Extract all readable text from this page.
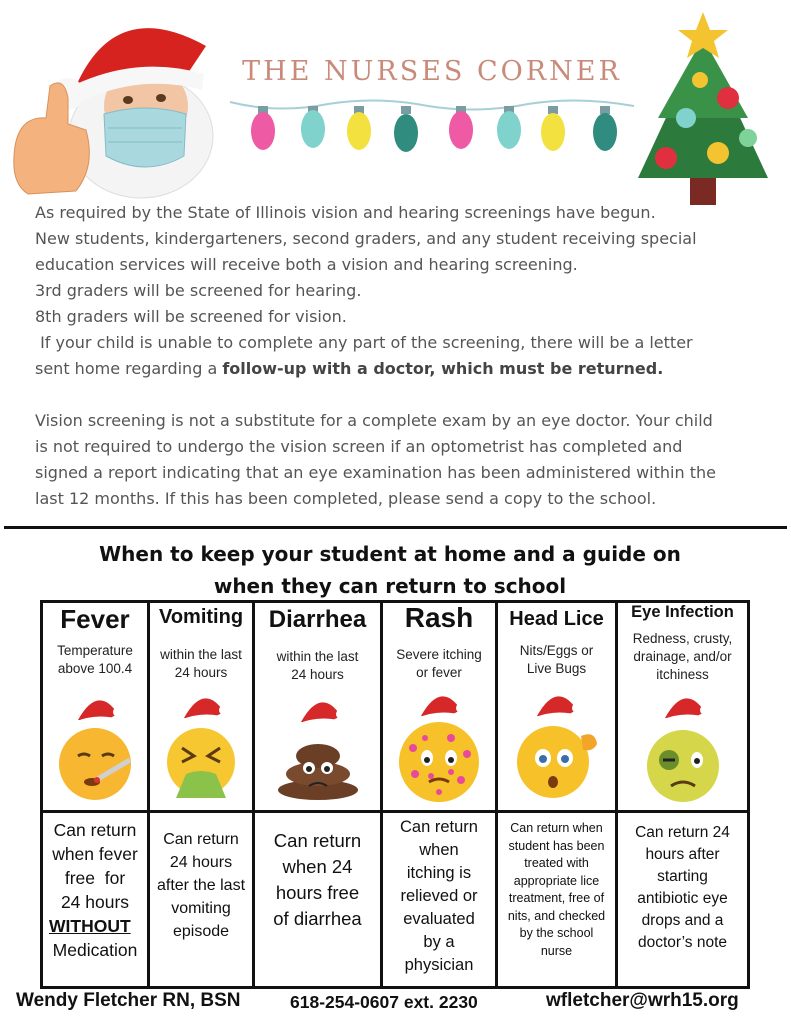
THE NURSES CORNER

As required by the State of Illinois vision and hearing screenings have begun.

New students, kindergarteners, second graders, and any student receiving special

education services will receive both a vision and hearing screening.

3rd graders will be screened for hearing.

8th graders will be screened for vision.

If your child is unable to complete any part of the screening, there will be a letter

sent home regarding a follow-up with a doctor, which must be returned.

Vision screening is not a substitute for a complete exam by an eye doctor. Your child

is not required to undergo the vision screen if an optometrist has completed and

signed a report indicating that an eye examination has been administered within the

last 12 months. If this has been completed, please send a copy to the school.

When to keep your student at home and a guide on
when they can return to school
Fever
Temperature
above 100.4
Can return
when fever
free  for
24 hours
WITHOUT
Medication
Vomiting
within the last
24 hours
Can return
24 hours
after the last
vomiting
episode
Diarrhea
within the last
24 hours
Can return
when 24
hours free
of diarrhea
Rash
Severe itching
or fever
Can return
when
itching is
relieved or
evaluated
by a
physician
Head Lice
Nits/Eggs or
Live Bugs
Can return when
student has been
treated with
appropriate lice
treatment, free of
nits, and checked
by the school
nurse
Eye Infection
Redness, crusty,
drainage, and/or
itchiness
Can return 24
hours after
starting
antibiotic eye
drops and a
doctor’s note
Wendy Fletcher RN, BSN	618-254-0607 ext. 2230	wfletcher@wrh15.org
